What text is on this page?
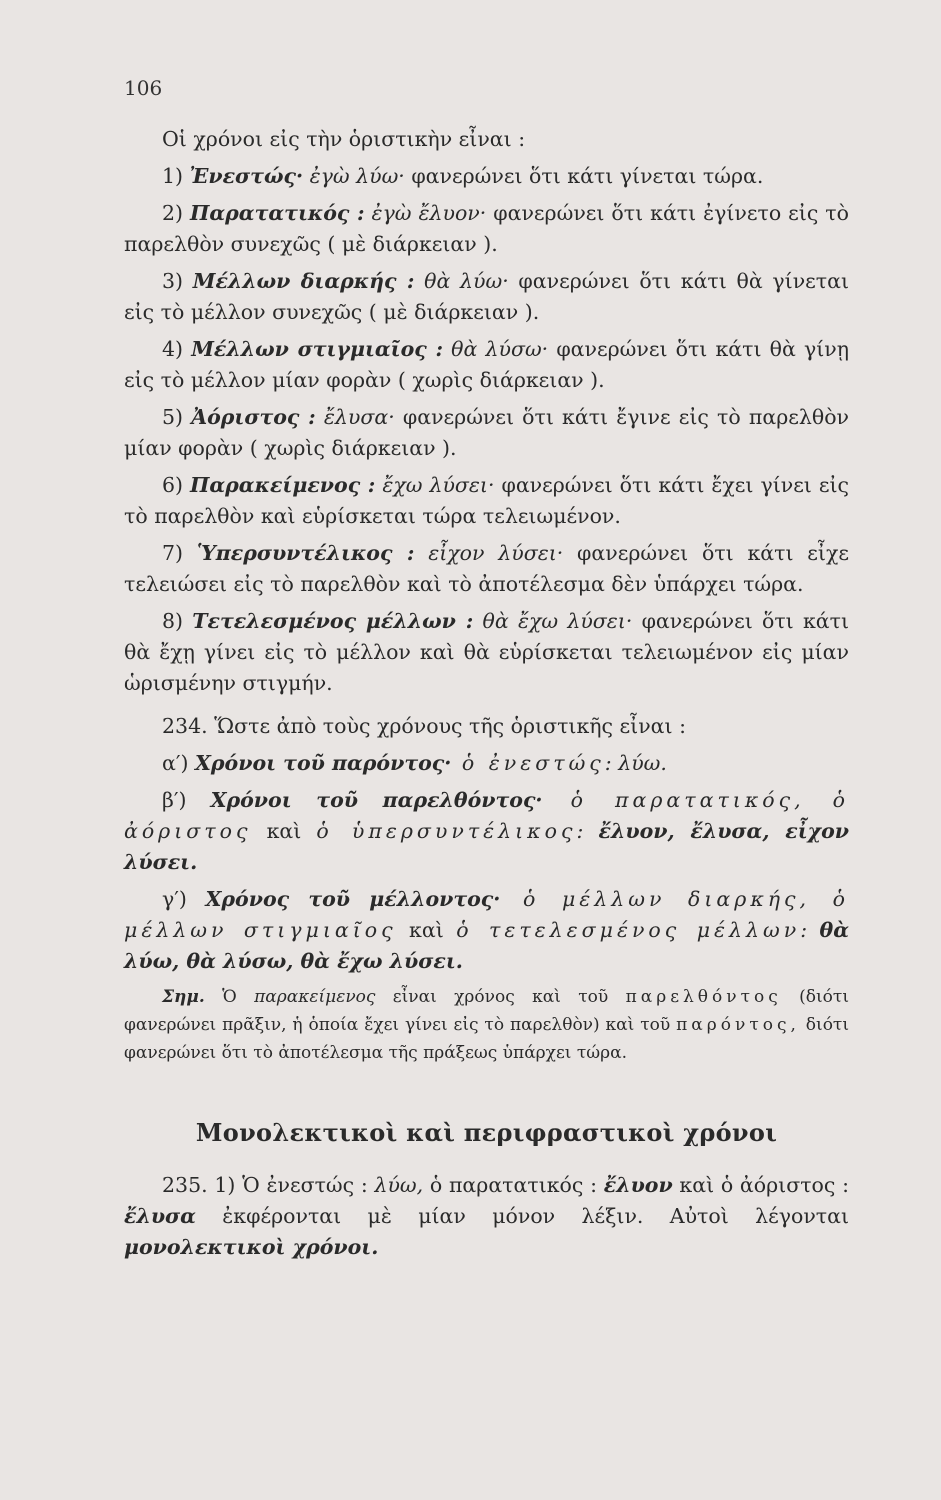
106

Οἱ χρόνοι εἰς τὴν ὁριστικὴν εἶναι :

1) Ἐνεστώς· ἐγὼ λύω· φανερώνει ὅτι κάτι γίνεται τώρα.

2) Παρατατικός : ἐγὼ ἔλυον· φανερώνει ὅτι κάτι ἐγίνετο εἰς τὸ παρελθὸν συνεχῶς ( μὲ διάρκειαν ).

3) Μέλλων διαρκής : θὰ λύω· φανερώνει ὅτι κάτι θὰ γίνεται εἰς τὸ μέλλον συνεχῶς ( μὲ διάρκειαν ).

4) Μέλλων στιγμιαῖος : θὰ λύσω· φανερώνει ὅτι κάτι θὰ γίνῃ εἰς τὸ μέλλον μίαν φορὰν ( χωρὶς διάρκειαν ).

5) Ἀόριστος : ἔλυσα· φανερώνει ὅτι κάτι ἔγινε εἰς τὸ παρελθὸν μίαν φορὰν ( χωρὶς διάρκειαν ).

6) Παρακείμενος : ἔχω λύσει· φανερώνει ὅτι κάτι ἔχει γίνει εἰς τὸ παρελθὸν καὶ εὑρίσκεται τώρα τελειωμένον.

7) Ὑπερσυντέλικος : εἶχον λύσει· φανερώνει ὅτι κάτι εἶχε τελειώσει εἰς τὸ παρελθὸν καὶ τὸ ἀποτέλεσμα δὲν ὑπάρχει τώρα.

8) Τετελεσμένος μέλλων : θὰ ἔχω λύσει· φανερώνει ὅτι κάτι θὰ ἔχῃ γίνει εἰς τὸ μέλλον καὶ θὰ εὑρίσκεται τελειωμένον εἰς μίαν ὡρισμένην στιγμήν.

234. Ὥστε ἀπὸ τοὺς χρόνους τῆς ὁριστικῆς εἶναι :

α′) Χρόνοι τοῦ παρόντος· ὁ ἐνεστώς: λύω.

β′) Χρόνοι τοῦ παρελθόντος· ὁ παρατατικός, ὁ ἀόριστος καὶ ὁ ὑπερσυντέλικος: ἔλυον, ἔλυσα, εἶχον λύσει.

γ′) Χρόνος τοῦ μέλλοντος· ὁ μέλλων διαρκής, ὁ μέλλων στιγμιαῖος καὶ ὁ τετελεσμένος μέλλων: θὰ λύω, θὰ λύσω, θὰ ἔχω λύσει.

Σημ. Ὁ παρακείμενος εἶναι χρόνος καὶ τοῦ παρελθόντος (διότι φανερώνει πρᾶξιν, ἡ ὁποία ἔχει γίνει εἰς τὸ παρελθὸν) καὶ τοῦ παρόντος, διότι φανερώνει ὅτι τὸ ἀποτέλεσμα τῆς πράξεως ὑπάρχει τώρα.

Μονολεκτικοὶ καὶ περιφραστικοὶ χρόνοι

235. 1) Ὁ ἐνεστώς : λύω, ὁ παρατατικός : ἔλυον καὶ ὁ ἀόριστος : ἔλυσα ἐκφέρονται μὲ μίαν μόνον λέξιν. Αὐτοὶ λέγονται μονολεκτικοὶ χρόνοι.
